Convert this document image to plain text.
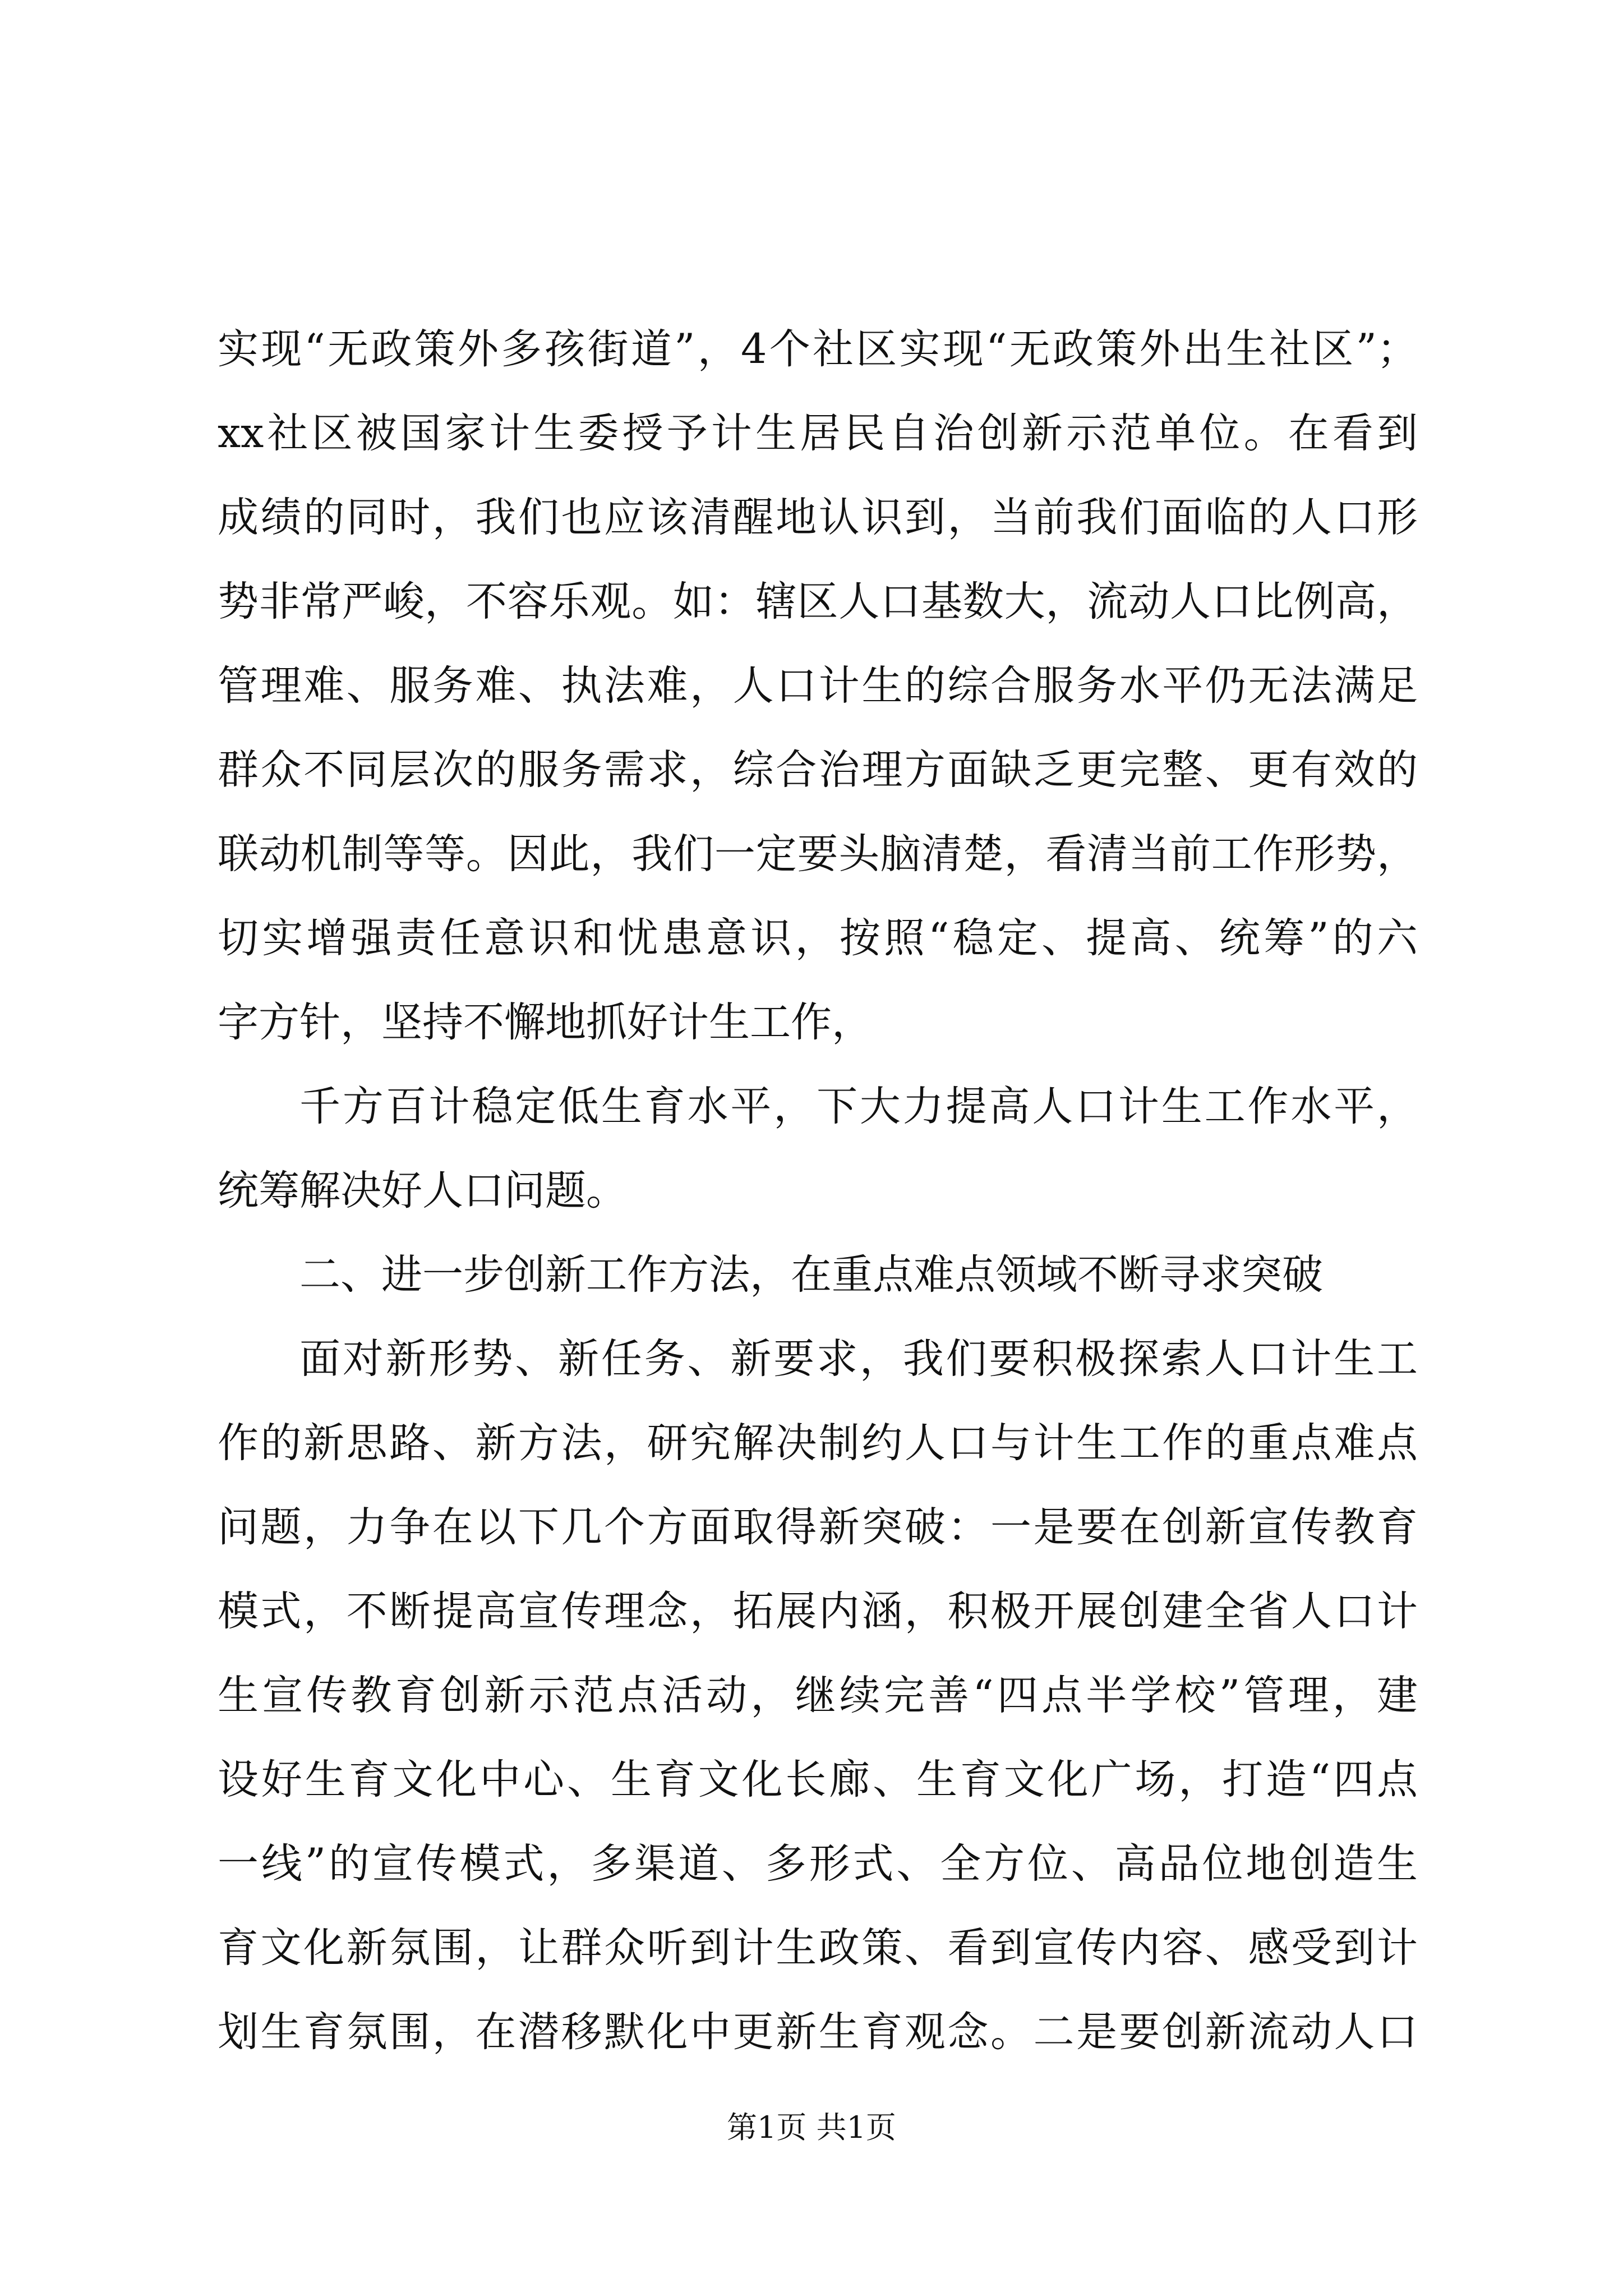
实现“无政策外多孩街道”，4个社区实现“无政策外出生社区”；
xx社区被国家计生委授予计生居民自治创新示范单位。在看到
成绩的同时，我们也应该清醒地认识到，当前我们面临的人口形
势非常严峻，不容乐观。如：辖区人口基数大，流动人口比例高，
管理难、服务难、执法难，人口计生的综合服务水平仍无法满足
群众不同层次的服务需求，综合治理方面缺乏更完整、更有效的
联动机制等等。因此，我们一定要头脑清楚，看清当前工作形势，
切实增强责任意识和忧患意识，按照“稳定、提高、统筹”的六
字方针，坚持不懈地抓好计生工作，
千方百计稳定低生育水平，下大力提高人口计生工作水平，
统筹解决好人口问题。
二、进一步创新工作方法，在重点难点领域不断寻求突破
面对新形势、新任务、新要求，我们要积极探索人口计生工
作的新思路、新方法，研究解决制约人口与计生工作的重点难点
问题，力争在以下几个方面取得新突破：一是要在创新宣传教育
模式，不断提高宣传理念，拓展内涵，积极开展创建全省人口计
生宣传教育创新示范点活动，继续完善“四点半学校”管理，建
设好生育文化中心、生育文化长廊、生育文化广场，打造“四点
一线”的宣传模式，多渠道、多形式、全方位、高品位地创造生
育文化新氛围，让群众听到计生政策、看到宣传内容、感受到计
划生育氛围，在潜移默化中更新生育观念。二是要创新流动人口
第1页 共1页
